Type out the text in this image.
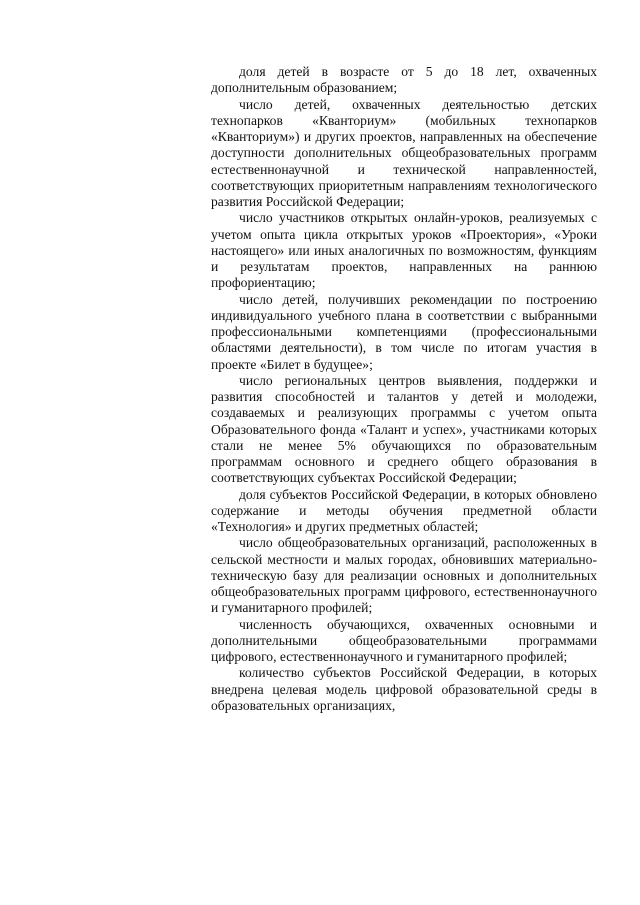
доля детей в возрасте от 5 до 18 лет, охваченных дополнительным образованием;

число детей, охваченных деятельностью детских технопарков «Кванториум» (мобильных технопарков «Кванториум») и других проектов, направленных на обеспечение доступности дополнительных общеобразовательных программ естественнонаучной и технической направленностей, соответствующих приоритетным направлениям технологического развития Российской Федерации;

число участников открытых онлайн-уроков, реализуемых с учетом опыта цикла открытых уроков «Проектория», «Уроки настоящего» или иных аналогичных по возможностям, функциям и результатам проектов, направленных на раннюю профориентацию;

число детей, получивших рекомендации по построению индивидуального учебного плана в соответствии с выбранными профессиональными компетенциями (профессиональными областями деятельности), в том числе по итогам участия в проекте «Билет в будущее»;

число региональных центров выявления, поддержки и развития способностей и талантов у детей и молодежи, создаваемых и реализующих программы с учетом опыта Образовательного фонда «Талант и успех», участниками которых стали не менее 5% обучающихся по образовательным программам основного и среднего общего образования в соответствующих субъектах Российской Федерации;

доля субъектов Российской Федерации, в которых обновлено содержание и методы обучения предметной области «Технология» и других предметных областей;

число общеобразовательных организаций, расположенных в сельской местности и малых городах, обновивших материально-техническую базу для реализации основных и дополнительных общеобразовательных программ цифрового, естественнонаучного и гуманитарного профилей;

численность обучающихся, охваченных основными и дополнительными общеобразовательными программами цифрового, естественнонаучного и гуманитарного профилей;

количество субъектов Российской Федерации, в которых внедрена целевая модель цифровой образовательной среды в образовательных организациях,
